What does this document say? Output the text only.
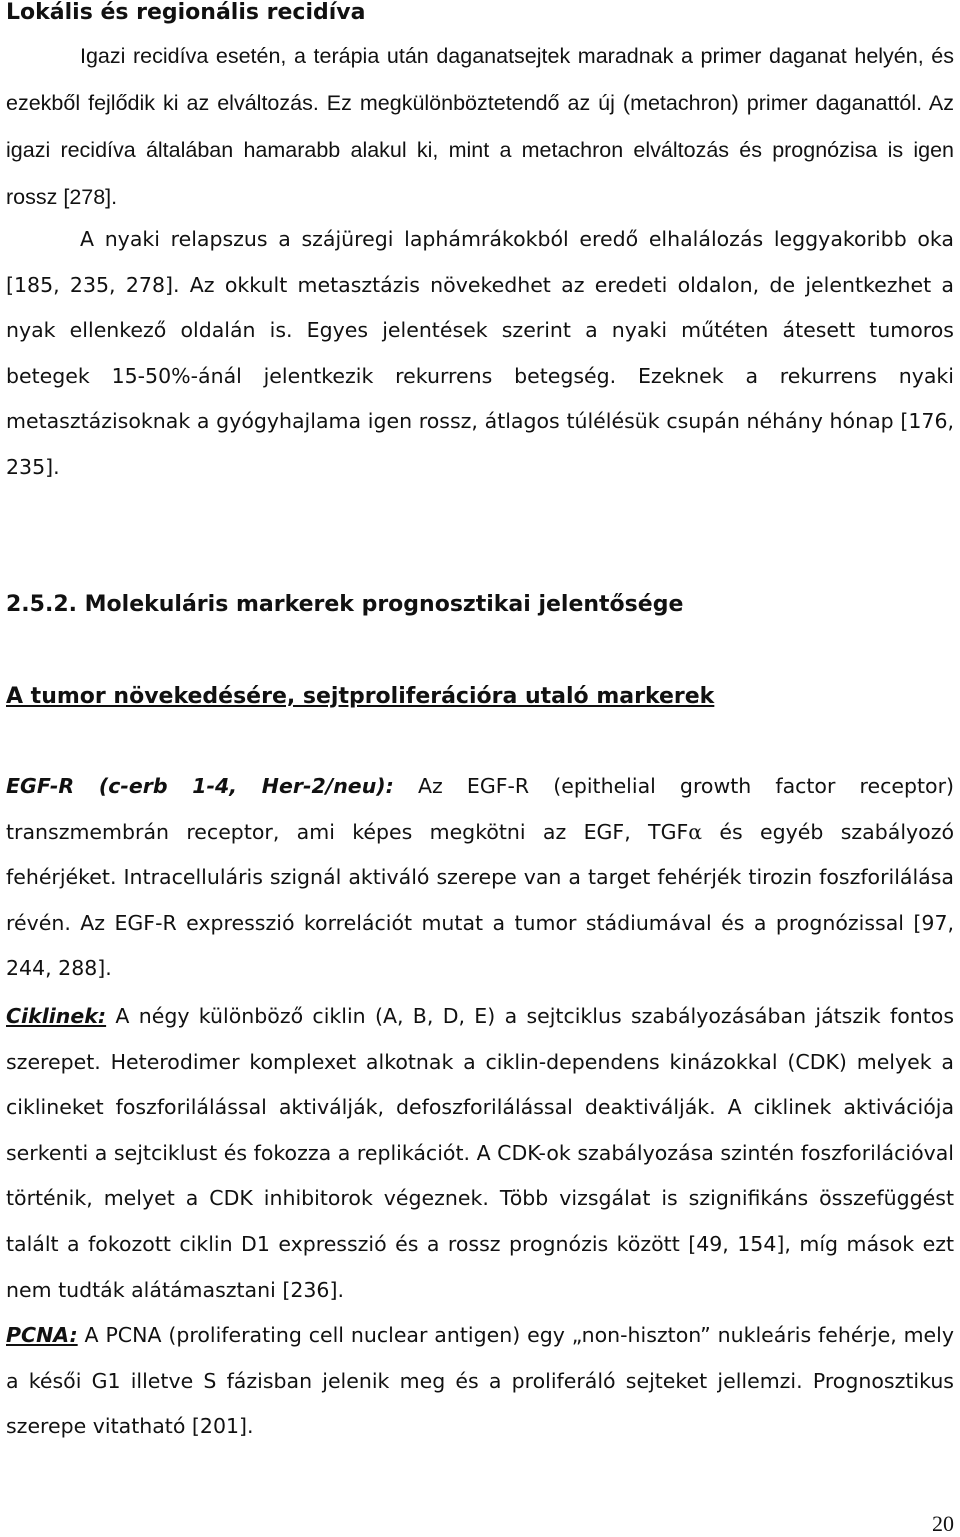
Lokális és regionális recidíva

Igazi recidíva esetén, a terápia után daganatsejtek maradnak a primer daganat helyén, és ezekből fejlődik ki az elváltozás. Ez megkülönböztetendő az új (metachron) primer daganattól. Az igazi recidíva általában hamarabb alakul ki, mint a metachron elváltozás és prognózisa is igen rossz [278].

A nyaki relapszus a szájüregi laphámrákokból eredő elhalálozás leggyakoribb oka [185, 235, 278]. Az okkult metasztázis növekedhet az eredeti oldalon, de jelentkezhet a nyak ellenkező oldalán is. Egyes jelentések szerint a nyaki műtéten átesett tumoros betegek 15-50%-ánál jelentkezik rekurrens betegség. Ezeknek a rekurrens nyaki metasztázisoknak a gyógyhajlama igen rossz, átlagos túlélésük csupán néhány hónap [176, 235].

2.5.2. Molekuláris markerek prognosztikai jelentősége
A tumor növekedésére, sejtproliferációra utaló markerek

EGF-R (c-erb 1-4, Her-2/neu): Az EGF-R (epithelial growth factor receptor) transzmembrán receptor, ami képes megkötni az EGF, TGFα és egyéb szabályozó fehérjéket. Intracelluláris szignál aktiváló szerepe van a target fehérjék tirozin foszforilálása révén. Az EGF-R expresszió korrelációt mutat a tumor stádiumával és a prognózissal [97, 244, 288].

Ciklinek: A négy különböző ciklin (A, B, D, E) a sejtciklus szabályozásában játszik fontos szerepet. Heterodimer komplexet alkotnak a ciklin-dependens kinázokkal (CDK) melyek a ciklineket foszforilálással aktiválják, defoszforilálással deaktiválják. A ciklinek aktivációja serkenti a sejtciklust és fokozza a replikációt. A CDK-ok szabályozása szintén foszforilációval történik, melyet a CDK inhibitorok végeznek. Több vizsgálat is szignifikáns összefüggést talált a fokozott ciklin D1 expresszió és a rossz prognózis között [49, 154], míg mások ezt nem tudták alátámasztani [236].

PCNA: A PCNA (proliferating cell nuclear antigen) egy „non-hiszton” nukleáris fehérje, mely a késői G1 illetve S fázisban jelenik meg és a proliferáló sejteket jellemzi. Prognosztikus szerepe vitatható [201].

20
